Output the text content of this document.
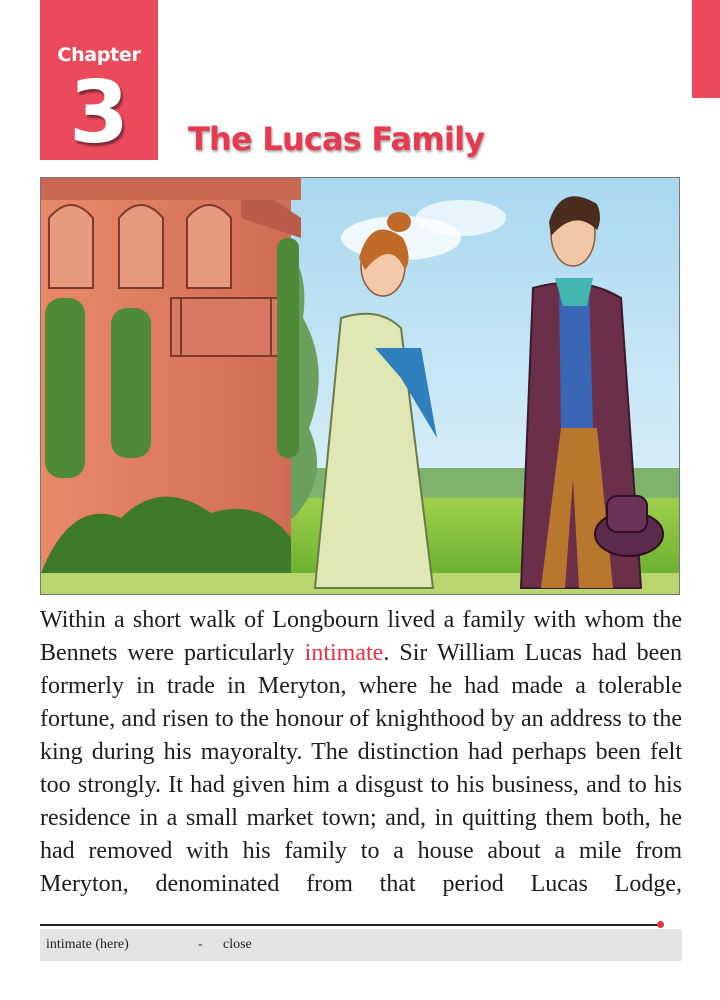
Chapter
3	The Lucas Family

Within a short walk of Longbourn lived a family with whom the Bennets were particularly intimate. Sir William Lucas had been formerly in trade in Meryton, where he had made a tolerable fortune, and risen to the honour of knighthood by an address to the king during his mayoralty. The distinction had perhaps been felt too strongly. It had given him a disgust to his business, and to his residence in a small market town; and, in quitting them both, he had removed with his family to a house about a mile from Meryton, denominated from that period Lucas Lodge,

intimate (here)	- close
